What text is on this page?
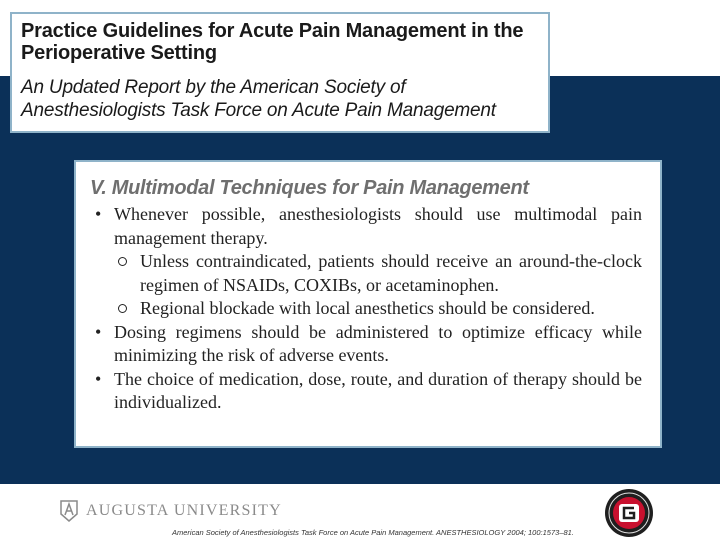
Practice Guidelines for Acute Pain Management in the Perioperative Setting
An Updated Report by the American Society of Anesthesiologists Task Force on Acute Pain Management
V. Multimodal Techniques for Pain Management
• Whenever possible, anesthesiologists should use multimodal pain management therapy.
Unless contraindicated, patients should receive an around-the-clock regimen of NSAIDs, COXIBs, or acetaminophen.
Regional blockade with local anesthetics should be considered.
• Dosing regimens should be administered to optimize efficacy while minimizing the risk of adverse events.
• The choice of medication, dose, route, and duration of therapy should be individualized.
AUGUSTA UNIVERSITY
American Society of Anesthesiologists Task Force on Acute Pain Management. ANESTHESIOLOGY 2004; 100:1573–81.
